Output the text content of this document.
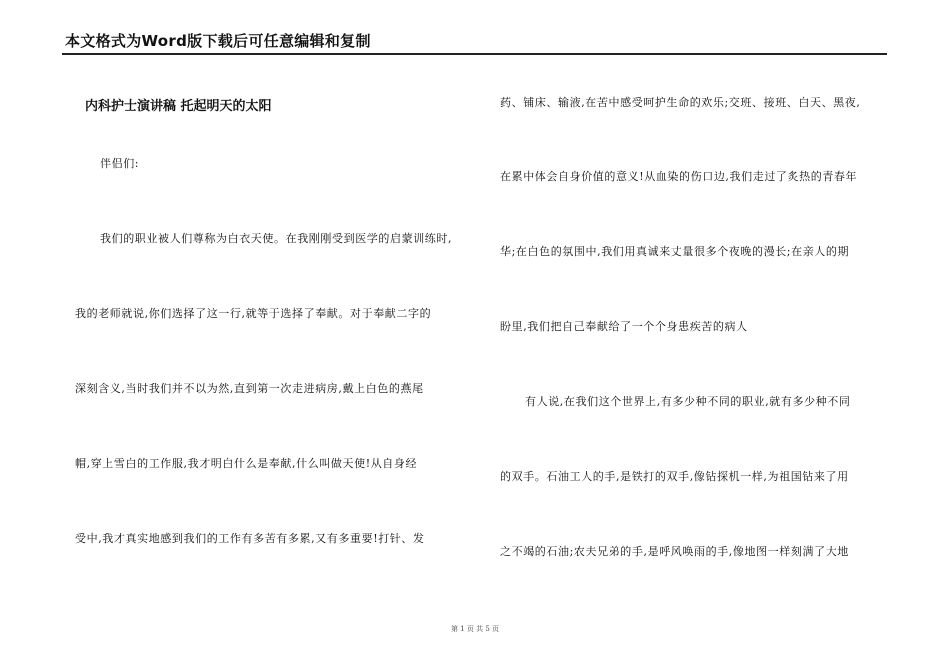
本文格式为Word版下载后可任意编辑和复制
内科护士演讲稿 托起明天的太阳
伴侣们:
我们的职业被人们尊称为白衣天使。在我刚刚受到医学的启蒙训练时,
我的老师就说,你们选择了这一行,就等于选择了奉献。对于奉献二字的
深刻含义,当时我们并不以为然,直到第一次走进病房,戴上白色的燕尾
帽,穿上雪白的工作服,我才明白什么是奉献,什么叫做天使!从自身经
受中,我才真实地感到我们的工作有多苦有多累,又有多重要!打针、发
药、铺床、输液,在苦中感受呵护生命的欢乐;交班、接班、白天、黑夜,
在累中体会自身价值的意义!从血染的伤口边,我们走过了炙热的青春年
华;在白色的氛围中,我们用真诚来丈量很多个夜晚的漫长;在亲人的期
盼里,我们把自己奉献给了一个个身患疾苦的病人
有人说,在我们这个世界上,有多少种不同的职业,就有多少种不同
的双手。石油工人的手,是铁打的双手,像钻探机一样,为祖国钻来了用
之不竭的石油;农夫兄弟的手,是呼风唤雨的手,像地图一样刻满了大地
第 1 页 共 5 页
